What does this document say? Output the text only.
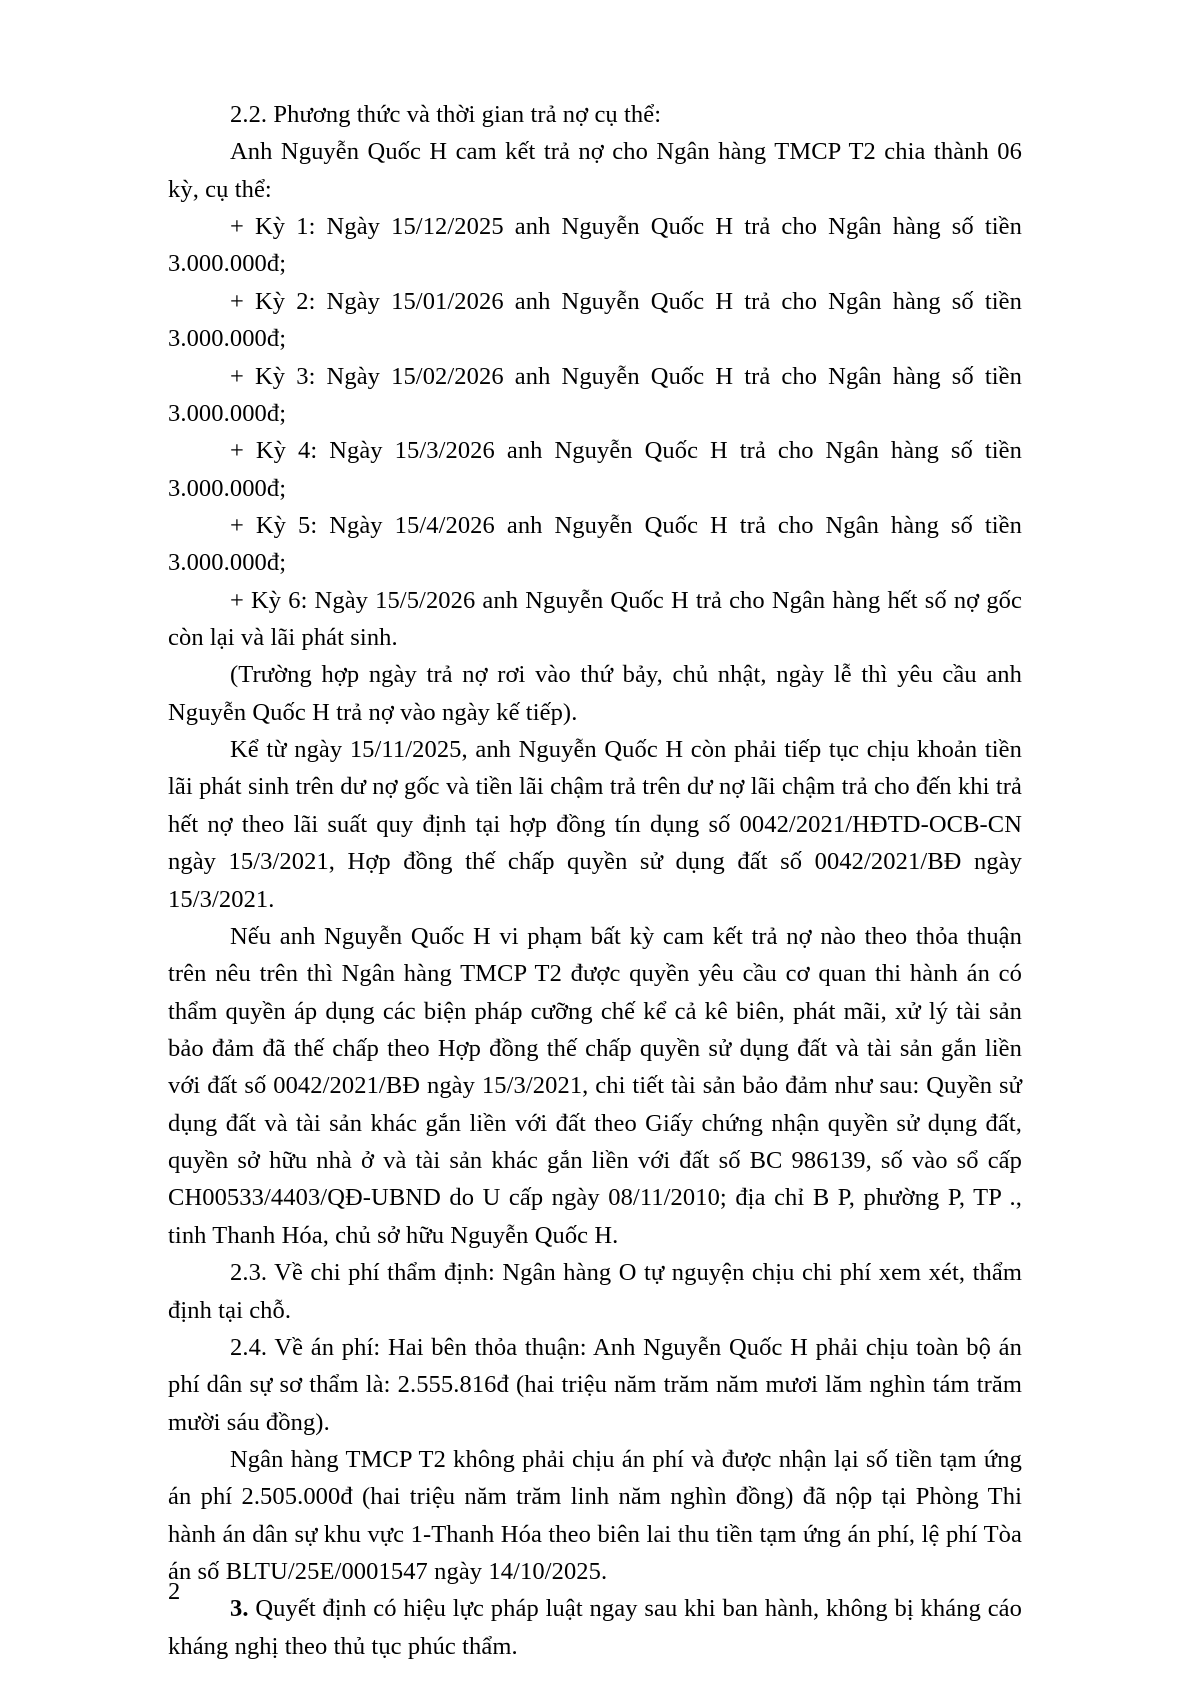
2.2. Phương thức và thời gian trả nợ cụ thể:

Anh Nguyễn Quốc H cam kết trả nợ cho Ngân hàng TMCP T2 chia thành 06 kỳ, cụ thể:

+ Kỳ 1: Ngày 15/12/2025 anh Nguyễn Quốc H trả cho Ngân hàng số tiền 3.000.000đ;

+ Kỳ 2: Ngày 15/01/2026 anh Nguyễn Quốc H trả cho Ngân hàng số tiền 3.000.000đ;

+ Kỳ 3: Ngày 15/02/2026 anh Nguyễn Quốc H trả cho Ngân hàng số tiền 3.000.000đ;

+ Kỳ 4: Ngày 15/3/2026 anh Nguyễn Quốc H trả cho Ngân hàng số tiền 3.000.000đ;

+ Kỳ 5: Ngày 15/4/2026 anh Nguyễn Quốc H trả cho Ngân hàng số tiền 3.000.000đ;

+ Kỳ 6: Ngày 15/5/2026 anh Nguyễn Quốc H trả cho Ngân hàng hết số nợ gốc còn lại và lãi phát sinh.

(Trường hợp ngày trả nợ rơi vào thứ bảy, chủ nhật, ngày lễ thì yêu cầu anh Nguyễn Quốc H trả nợ vào ngày kế tiếp).

Kể từ ngày 15/11/2025, anh Nguyễn Quốc H còn phải tiếp tục chịu khoản tiền lãi phát sinh trên dư nợ gốc và tiền lãi chậm trả trên dư nợ lãi chậm trả cho đến khi trả hết nợ theo lãi suất quy định tại hợp đồng tín dụng số 0042/2021/HĐTD-OCB-CN ngày 15/3/2021, Hợp đồng thế chấp quyền sử dụng đất số 0042/2021/BĐ ngày 15/3/2021.

Nếu anh Nguyễn Quốc H vi phạm bất kỳ cam kết trả nợ nào theo thỏa thuận trên nêu trên thì Ngân hàng TMCP T2 được quyền yêu cầu cơ quan thi hành án có thẩm quyền áp dụng các biện pháp cưỡng chế kể cả kê biên, phát mãi, xử lý tài sản bảo đảm đã thế chấp theo Hợp đồng thế chấp quyền sử dụng đất và tài sản gắn liền với đất số 0042/2021/BĐ ngày 15/3/2021, chi tiết tài sản bảo đảm như sau: Quyền sử dụng đất và tài sản khác gắn liền với đất theo Giấy chứng nhận quyền sử dụng đất, quyền sở hữu nhà ở và tài sản khác gắn liền với đất số BC 986139, số vào sổ cấp CH00533/4403/QĐ-UBND do U cấp ngày 08/11/2010; địa chỉ B P, phường P, TP ., tinh Thanh Hóa, chủ sở hữu Nguyễn Quốc H.

2.3. Về chi phí thẩm định: Ngân hàng O tự nguyện chịu chi phí xem xét, thẩm định tại chỗ.

2.4. Về án phí: Hai bên thỏa thuận: Anh Nguyễn Quốc H phải chịu toàn bộ án phí dân sự sơ thẩm là: 2.555.816đ (hai triệu năm trăm năm mươi lăm nghìn tám trăm mười sáu đồng).

Ngân hàng TMCP T2 không phải chịu án phí và được nhận lại số tiền tạm ứng án phí 2.505.000đ (hai triệu năm trăm linh năm nghìn đồng) đã nộp tại Phòng Thi hành án dân sự khu vực 1-Thanh Hóa theo biên lai thu tiền tạm ứng án phí, lệ phí Tòa án số BLTU/25E/0001547 ngày 14/10/2025.

3. Quyết định có hiệu lực pháp luật ngay sau khi ban hành, không bị kháng cáo kháng nghị theo thủ tục phúc thẩm.

2
